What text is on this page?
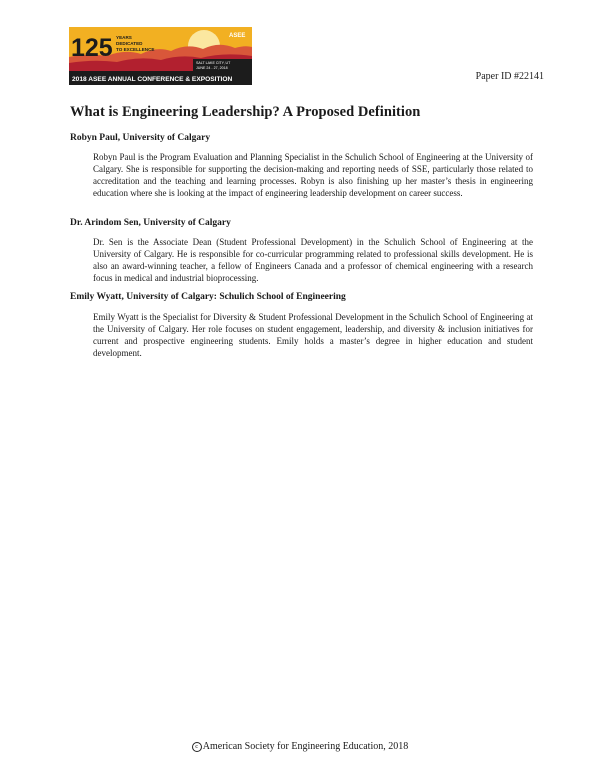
125 YEARS
DEDICATED
TO EXCELLENCE
ASEE
SALT LAKE CITY, UT
JUNE 24 - 27, 2018
2018 ASEE ANNUAL CONFERENCE & EXPOSITION	Paper ID #22141
What is Engineering Leadership? A Proposed Definition

Robyn Paul, University of Calgary

Robyn Paul is the Program Evaluation and Planning Specialist in the Schulich School of Engineering at the University of Calgary. She is responsible for supporting the decision-making and reporting needs of SSE, particularly those related to accreditation and the teaching and learning processes. Robyn is also finishing up her master’s thesis in engineering education where she is looking at the impact of engineering leadership development on career success.

Dr. Arindom Sen, University of Calgary

Dr. Sen is the Associate Dean (Student Professional Development) in the Schulich School of Engineering at the University of Calgary. He is responsible for co-curricular programming related to professional skills development. He is also an award-winning teacher, a fellow of Engineers Canada and a professor of chemical engineering with a research focus in medical and industrial bioprocessing.

Emily Wyatt, University of Calgary: Schulich School of Engineering

Emily Wyatt is the Specialist for Diversity & Student Professional Development in the Schulich School of Engineering at the University of Calgary. Her role focuses on student engagement, leadership, and diversity & inclusion initiatives for current and prospective engineering students. Emily holds a master’s degree in higher education and student development.

c American Society for Engineering Education, 2018
